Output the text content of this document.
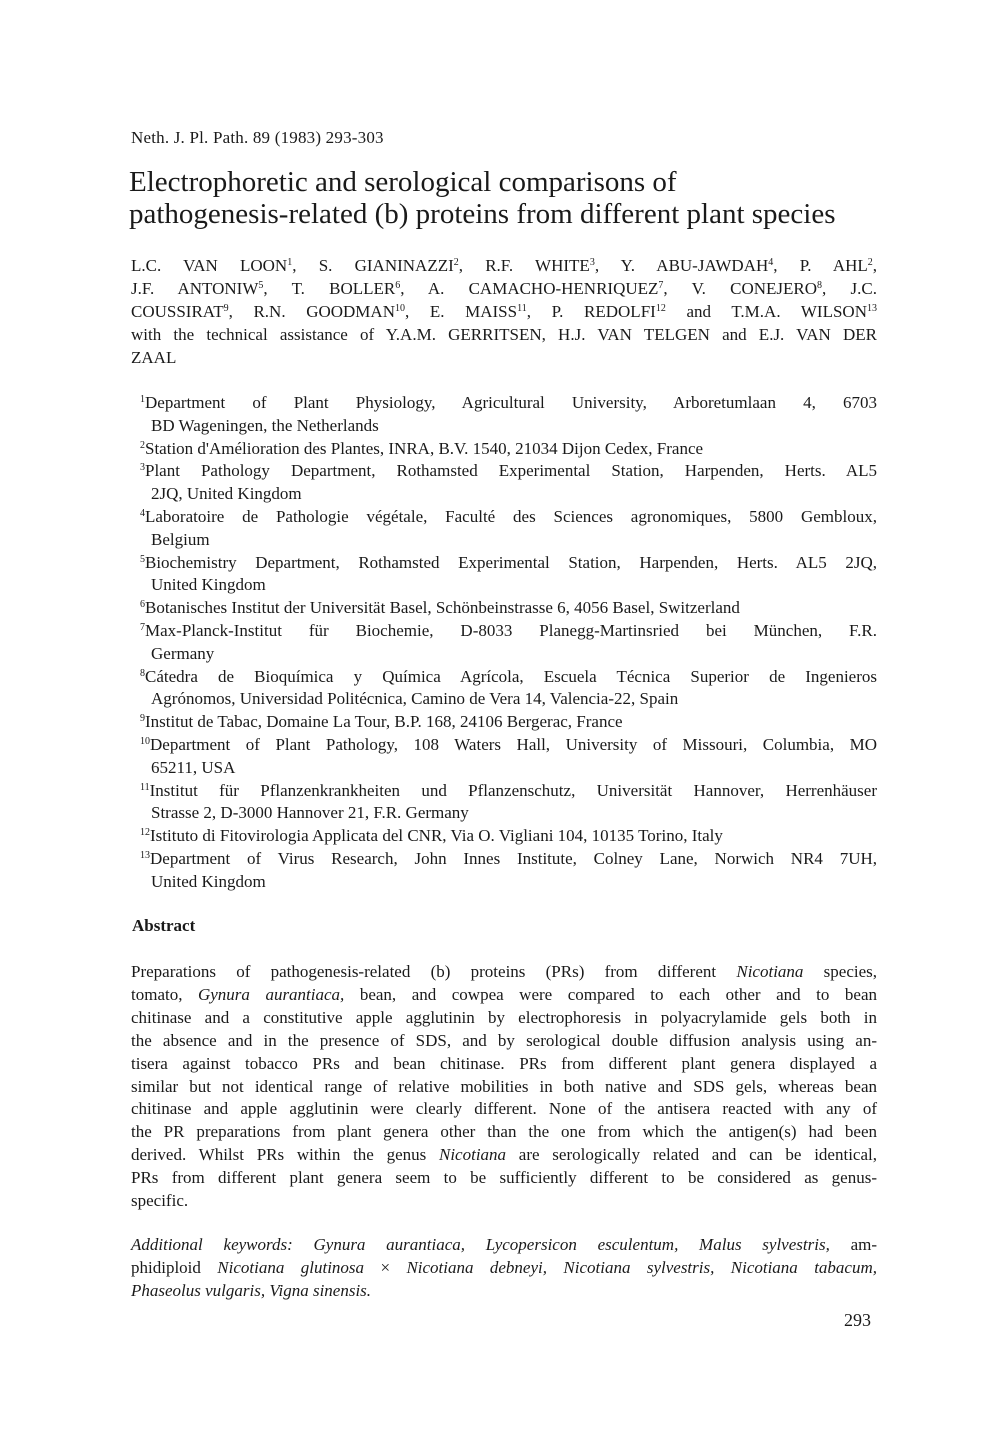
Neth. J. Pl. Path. 89 (1983) 293-303
Electrophoretic and serological comparisons of
pathogenesis-related (b) proteins from different plant species
L.C. VAN LOON$^1$, S. GIANINAZZI$^2$, R.F. WHITE$^3$, Y. ABU-JAWDAH$^4$, P. AHL$^2$,
J.F. ANTONIW$^5$, T. BOLLER$^6$, A. CAMACHO-HENRIQUEZ$^7$, V. CONEJERO$^8$, J.C.
COUSSIRAT$^9$, R.N. GOODMAN$^{10}$, E. MAISS$^{11}$, P. REDOLFI$^{12}$ and T.M.A. WILSON$^{13}$
with the technical assistance of Y.A.M. GERRITSEN, H.J. VAN TELGEN and E.J. VAN DER
ZAAL
$^1$Department of Plant Physiology, Agricultural University, Arboretumlaan 4, 6703
BD Wageningen, the Netherlands
$^2$Station d'Amélioration des Plantes, INRA, B.V. 1540, 21034 Dijon Cedex, France
$^3$Plant Pathology Department, Rothamsted Experimental Station, Harpenden, Herts. AL5
2JQ, United Kingdom
$^4$Laboratoire de Pathologie végétale, Faculté des Sciences agronomiques, 5800 Gembloux,
Belgium
$^5$Biochemistry Department, Rothamsted Experimental Station, Harpenden, Herts. AL5 2JQ,
United Kingdom
$^6$Botanisches Institut der Universität Basel, Schönbeinstrasse 6, 4056 Basel, Switzerland
$^7$Max-Planck-Institut für Biochemie, D-8033 Planegg-Martinsried bei München, F.R.
Germany
$^8$Cátedra de Bioquímica y Química Agrícola, Escuela Técnica Superior de Ingenieros
Agrónomos, Universidad Politécnica, Camino de Vera 14, Valencia-22, Spain
$^9$Institut de Tabac, Domaine La Tour, B.P. 168, 24106 Bergerac, France
$^{10}$Department of Plant Pathology, 108 Waters Hall, University of Missouri, Columbia, MO
65211, USA
$^{11}$Institut für Pflanzenkrankheiten und Pflanzenschutz, Universität Hannover, Herrenhäuser
Strasse 2, D-3000 Hannover 21, F.R. Germany
$^{12}$Istituto di Fitovirologia Applicata del CNR, Via O. Vigliani 104, 10135 Torino, Italy
$^{13}$Department of Virus Research, John Innes Institute, Colney Lane, Norwich NR4 7UH,
United Kingdom
Abstract
Preparations of pathogenesis-related (b) proteins (PRs) from different Nicotiana species,
tomato, Gynura aurantiaca, bean, and cowpea were compared to each other and to bean
chitinase and a constitutive apple agglutinin by electrophoresis in polyacrylamide gels both in
the absence and in the presence of SDS, and by serological double diffusion analysis using an-
tisera against tobacco PRs and bean chitinase. PRs from different plant genera displayed a
similar but not identical range of relative mobilities in both native and SDS gels, whereas bean
chitinase and apple agglutinin were clearly different. None of the antisera reacted with any of
the PR preparations from plant genera other than the one from which the antigen(s) had been
derived. Whilst PRs within the genus Nicotiana are serologically related and can be identical,
PRs from different plant genera seem to be sufficiently different to be considered as genus-
specific.
Additional keywords: Gynura aurantiaca, Lycopersicon esculentum, Malus sylvestris, am-
phidiploid Nicotiana glutinosa × Nicotiana debneyi, Nicotiana sylvestris, Nicotiana tabacum,
Phaseolus vulgaris, Vigna sinensis.
293
